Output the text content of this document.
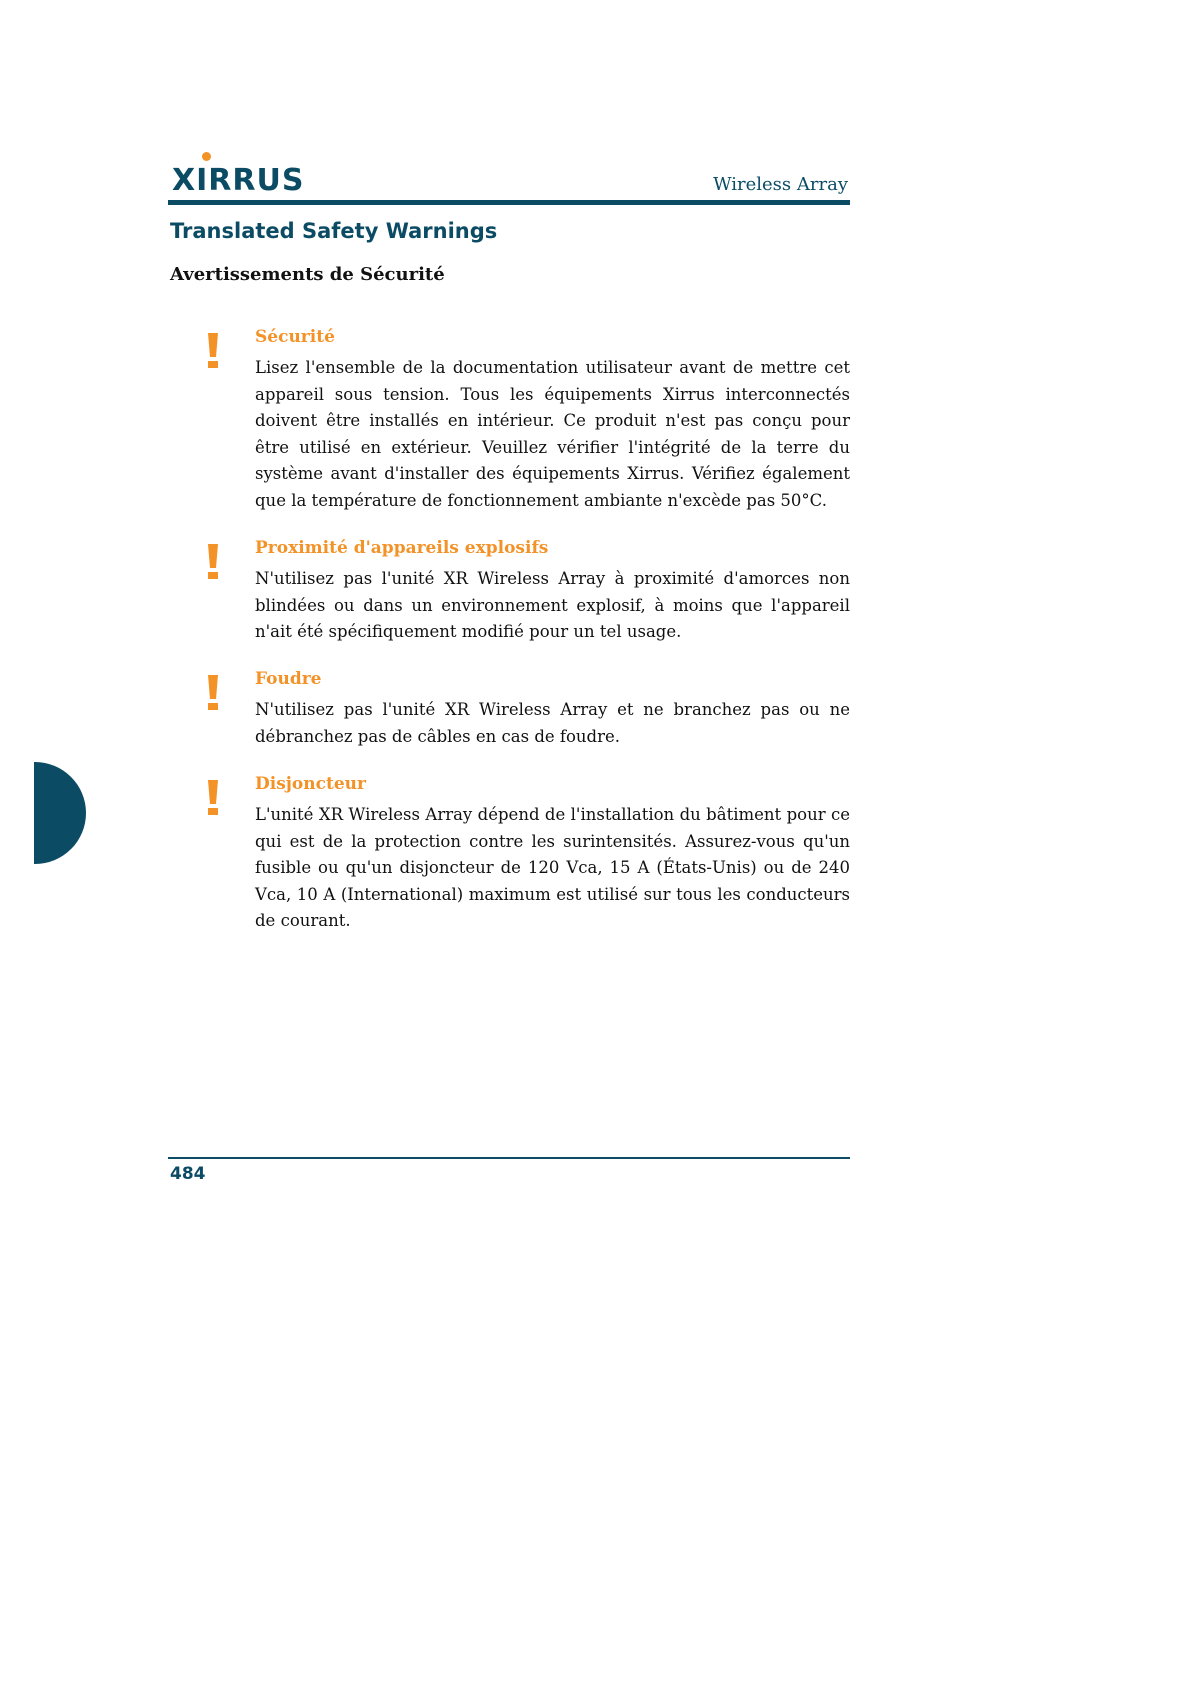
XIRRUS	Wireless Array
Translated Safety Warnings
Avertissements de Sécurité
Sécurité

Lisez l'ensemble de la documentation utilisateur avant de mettre cet appareil sous tension. Tous les équipements Xirrus interconnectés doivent être installés en intérieur. Ce produit n'est pas conçu pour être utilisé en extérieur. Veuillez vérifier l'intégrité de la terre du système avant d'installer des équipements Xirrus. Vérifiez également que la température de fonctionnement ambiante n'excède pas 50°C.

Proximité d'appareils explosifs

N'utilisez pas l'unité XR Wireless Array à proximité d'amorces non blindées ou dans un environnement explosif, à moins que l'appareil n'ait été spécifiquement modifié pour un tel usage.

Foudre

N'utilisez pas l'unité XR Wireless Array et ne branchez pas ou ne débranchez pas de câbles en cas de foudre.

Disjoncteur

L'unité XR Wireless Array dépend de l'installation du bâtiment pour ce qui est de la protection contre les surintensités. Assurez-vous qu'un fusible ou qu'un disjoncteur de 120 Vca, 15 A (États-Unis) ou de 240 Vca, 10 A (International) maximum est utilisé sur tous les conducteurs de courant.

484
